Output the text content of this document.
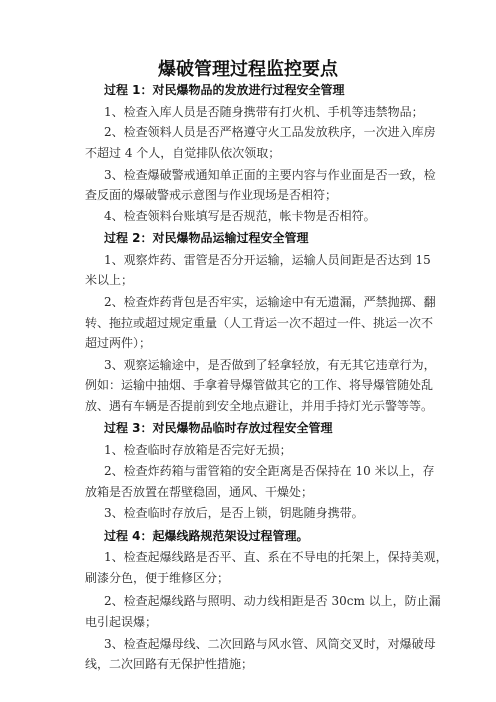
爆破管理过程监控要点
过程 1：对民爆物品的发放进行过程安全管理
1、检查入库人员是否随身携带有打火机、手机等违禁物品；
2、检查领料人员是否严格遵守火工品发放秩序，一次进入库房
不超过 4 个人，自觉排队依次领取；
3、检查爆破警戒通知单正面的主要内容与作业面是否一致，检
查反面的爆破警戒示意图与作业现场是否相符；
4、检查领料台账填写是否规范，帐卡物是否相符。
过程 2：对民爆物品运输过程安全管理
1、观察炸药、雷管是否分开运输，运输人员间距是否达到 15
米以上；
2、检查炸药背包是否牢实，运输途中有无遗漏，严禁抛掷、翻
转、拖拉或超过规定重量（人工背运一次不超过一件、挑运一次不
超过两件）；
3、观察运输途中，是否做到了轻拿轻放，有无其它违章行为，
例如：运输中抽烟、手拿着导爆管做其它的工作、将导爆管随处乱
放、遇有车辆是否提前到安全地点避让，并用手持灯光示警等等。
过程 3：对民爆物品临时存放过程安全管理
1、检查临时存放箱是否完好无损；
2、检查炸药箱与雷管箱的安全距离是否保持在 10 米以上，存
放箱是否放置在帮壁稳固，通风、干燥处；
3、检查临时存放后，是否上锁，钥匙随身携带。
过程 4：起爆线路规范架设过程管理。
1、检查起爆线路是否平、直、系在不导电的托架上，保持美观，
刷漆分色，便于维修区分；
2、检查起爆线路与照明、动力线相距是否 30cm 以上，防止漏
电引起误爆；
3、检查起爆母线、二次回路与风水管、风筒交叉时，对爆破母
线，二次回路有无保护性措施；
